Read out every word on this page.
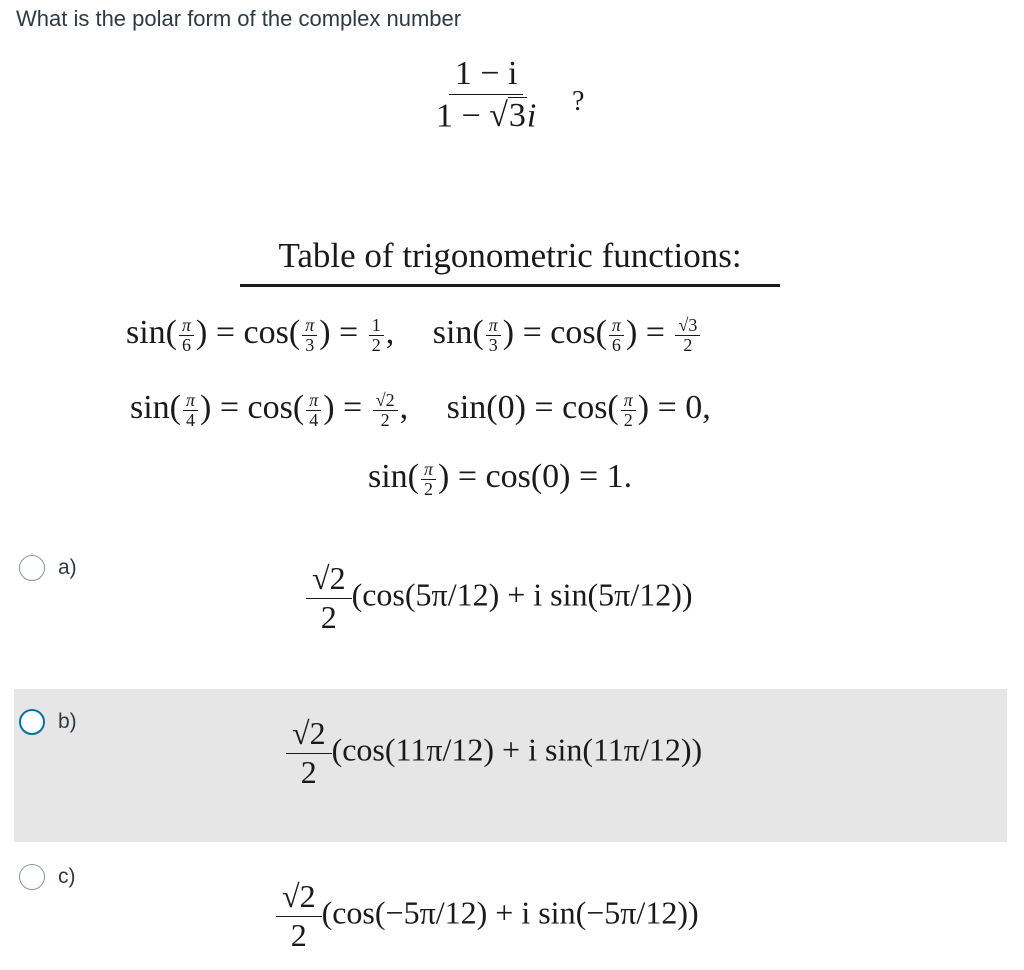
What is the polar form of the complex number
$\frac{1 - i}{1 - √ 3 i}$ ?
Table of trigonometric functions:
$\sin( \frac{\pi}{6}$ ) = $\cos( \frac{\pi}{3}$ ) = $\frac{1}{2}$ , $\sin( \frac{\pi}{3}$ ) = $\cos( \frac{\pi}{6}$ ) = $\frac{√3}{2}$
$\sin( \frac{\pi}{4}$ ) = $\cos( \frac{\pi}{4}$ ) = $\frac{√2}{2}$ , $\sin(0) = \cos( \frac{\pi}{2}$ ) = 0,
$\sin( \frac{\pi}{2}$ ) = cos(0) = 1.
a)	$\frac{√2}{2} (\cos(5\pi/12) + i$ sin(5π/12))
b)	$\frac{√2}{2} (\cos(11\pi/12) + i$ sin(11π/12))
c)
$\frac{√2}{2} (\cos(-5\pi/12) + i$ sin(−5π/12))
